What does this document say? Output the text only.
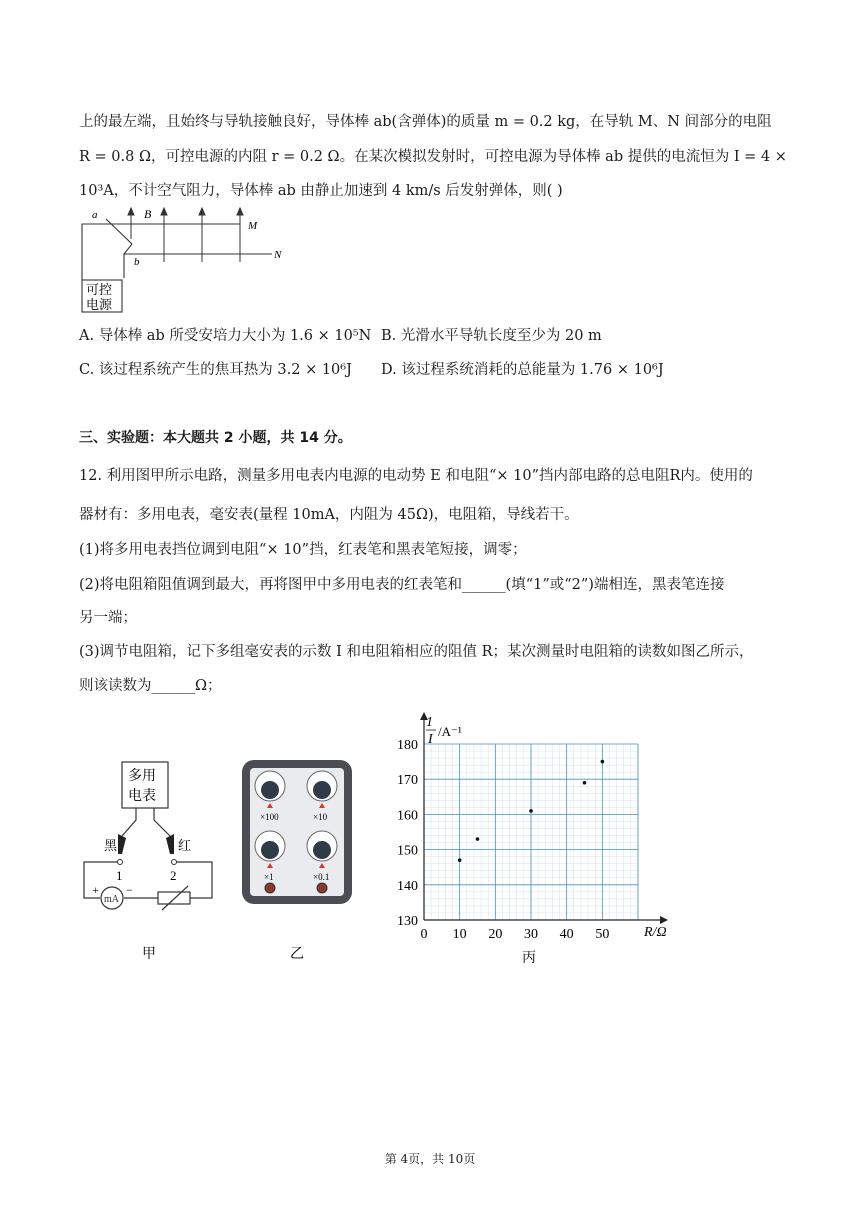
上的最左端，且始终与导轨接触良好，导体棒 ab(含弹体)的质量 m = 0.2 kg，在导轨 M、N 间部分的电阻
R = 0.8 Ω，可控电源的内阻 r = 0.2 Ω。在某次模拟发射时，可控电源为导体棒 ab 提供的电流恒为 I = 4 ×
10³A，不计空气阻力，导体棒 ab 由静止加速到 4 km/s 后发射弹体，则( )
a
b
B
M
N
可控
电源
A. 导体棒 ab 所受安培力大小为 1.6 × 10⁵N B. 光滑水平导轨长度至少为 20 m
C. 该过程系统产生的焦耳热为 3.2 × 10⁶J D. 该过程系统消耗的总能量为 1.76 × 10⁶J
三、实验题：本大题共 2 小题，共 14 分。
12. 利用图甲所示电路，测量多用电表内电源的电动势 E 和电阻“× 10”挡内部电路的总电阻R内。使用的
器材有：多用电表，毫安表(量程 10mA，内阻为 45Ω)，电阻箱，导线若干。
(1)将多用电表挡位调到电阻“× 10”挡，红表笔和黑表笔短接，调零；
(2)将电阻箱阻值调到最大，再将图甲中多用电表的红表笔和______(填“1”或“2”)端相连，黑表笔连接
另一端；
(3)调节电阻箱，记下多组毫安表的示数 I 和电阻箱相应的阻值 R；某次测量时电阻箱的读数如图乙所示，
则该读数为______Ω；
多用
电表
黑	红
1	2
mA
+ −
甲
×100	×10
×1	×0.1
乙
0 10 20 30 40 50
130
140
150
160
170
180
1
I
/A⁻¹
R/Ω
丙
第 4页，共 10页
